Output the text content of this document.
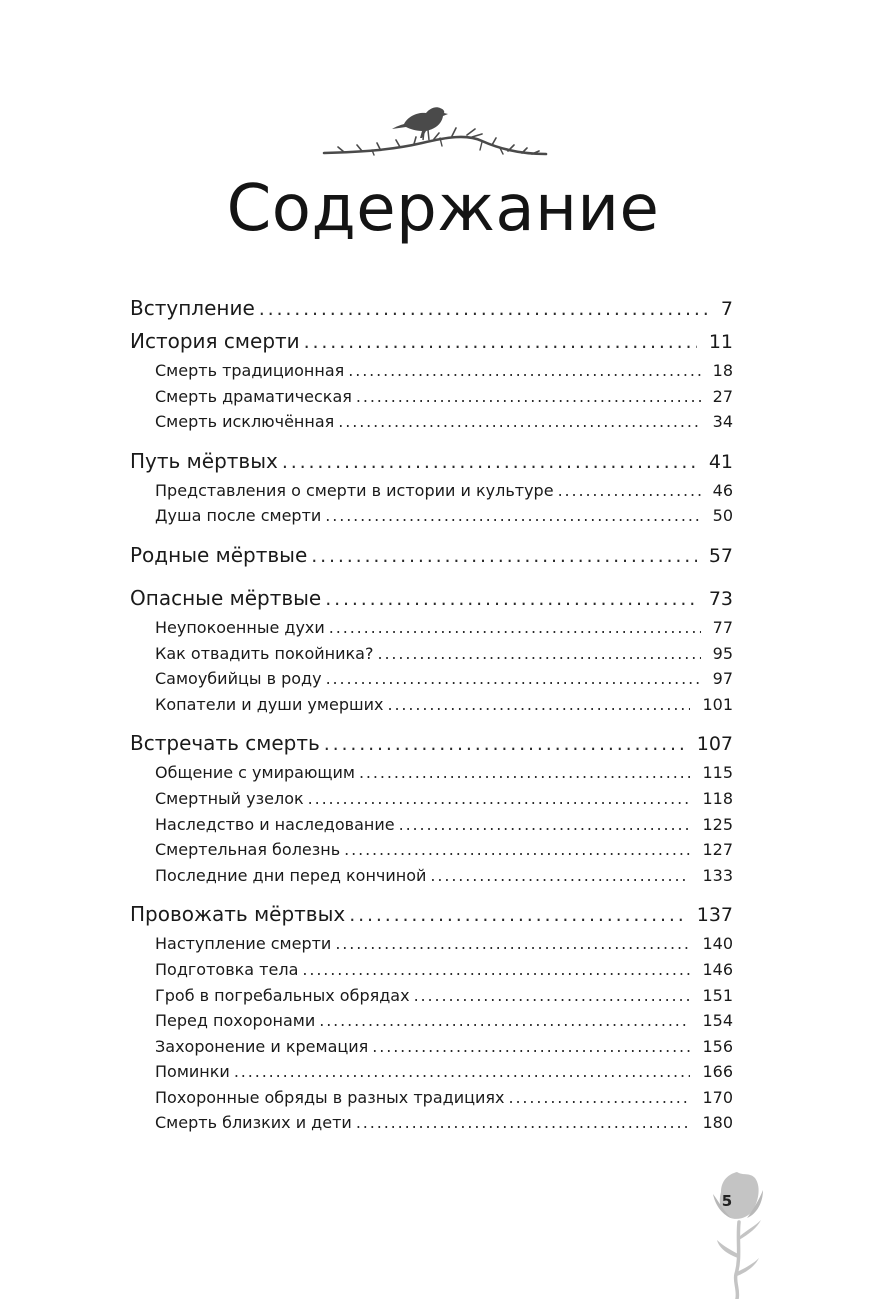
Содержание
Вступление . . .	7
История смерти . . .	11
Смерть традиционная . . .	18
Смерть драматическая . . .	27
Смерть исключённая . . .	34
Путь мёртвых . . .	41
Представления о смерти в истории и культуре . . .	46
Душа после смерти . . .	50
Родные мёртвые . . .	57
Опасные мёртвые . . .	73
Неупокоенные духи . . .	77
Как отвадить покойника? . . .	95
Самоубийцы в роду . . .	97
Копатели и души умерших . . .	101
Встречать смерть . . .	107
Общение с умирающим . . .	115
Смертный узелок . . .	118
Наследство и наследование . . .	125
Смертельная болезнь . . .	127
Последние дни перед кончиной . . .	133
Провожать мёртвых . . .	137
Наступление смерти . . .	140
Подготовка тела . . .	146
Гроб в погребальных обрядах . . .	151
Перед похоронами . . .	154
Захоронение и кремация . . .	156
Поминки . . .	166
Похоронные обряды в разных традициях . . .	170
Смерть близких и дети . . .	180
5
